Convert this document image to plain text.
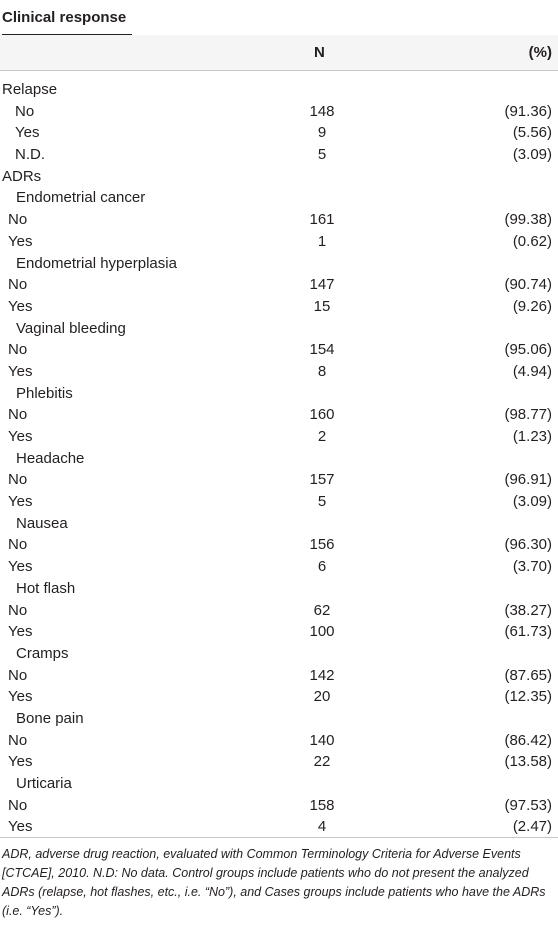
Clinical response
N	(%)
Relapse
No	148	(91.36)
Yes	9	(5.56)
N.D.	5	(3.09)
ADRs
Endometrial cancer
No	161	(99.38)
Yes	1	(0.62)
Endometrial hyperplasia
No	147	(90.74)
Yes	15	(9.26)
Vaginal bleeding
No	154	(95.06)
Yes	8	(4.94)
Phlebitis
No	160	(98.77)
Yes	2	(1.23)
Headache
No	157	(96.91)
Yes	5	(3.09)
Nausea
No	156	(96.30)
Yes	6	(3.70)
Hot flash
No	62	(38.27)
Yes	100	(61.73)
Cramps
No	142	(87.65)
Yes	20	(12.35)
Bone pain
No	140	(86.42)
Yes	22	(13.58)
Urticaria
No	158	(97.53)
Yes	4	(2.47)
ADR, adverse drug reaction, evaluated with Common Terminology Criteria for Adverse Events [CTCAE], 2010. N.D: No data. Control groups include patients who do not present the analyzed ADRs (relapse, hot flashes, etc., i.e. “No”), and Cases groups include patients who have the ADRs (i.e. “Yes”).
